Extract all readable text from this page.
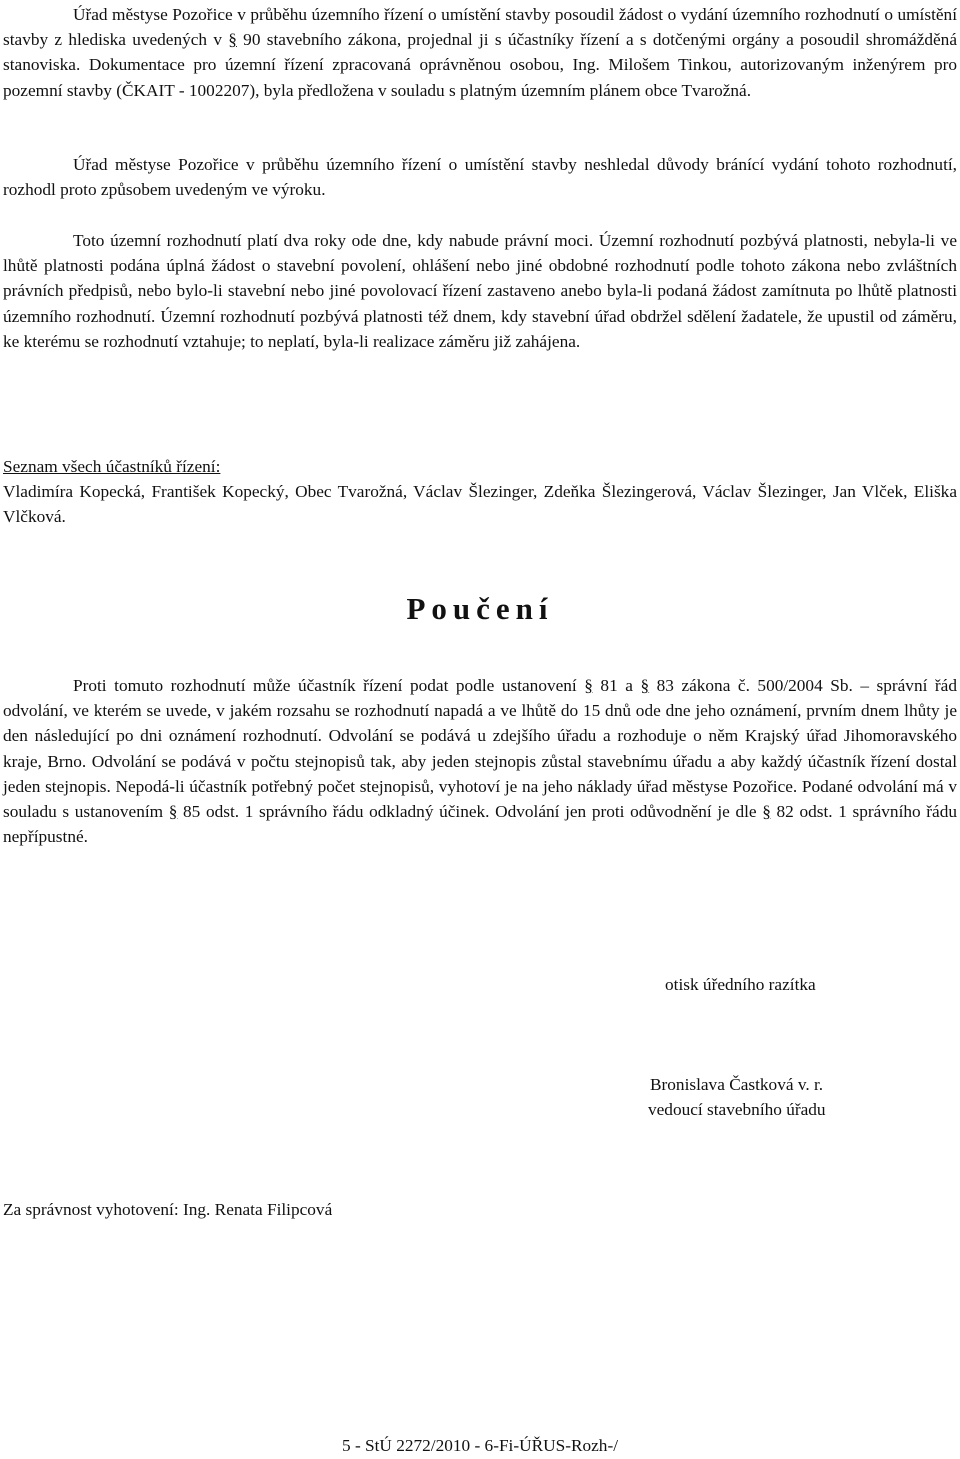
Úřad městyse Pozořice v průběhu územního řízení o umístění stavby posoudil žádost o vydání územního rozhodnutí o umístění stavby z hlediska uvedených v § 90 stavebního zákona, projednal ji s účastníky řízení a s dotčenými orgány a posoudil shromážděná stanoviska. Dokumentace pro územní řízení zpracovaná oprávněnou osobou, Ing. Milošem Tinkou, autorizovaným inženýrem pro pozemní stavby (ČKAIT - 1002207), byla předložena v souladu s platným územním plánem obce Tvarožná.

Úřad městyse Pozořice v průběhu územního řízení o umístění stavby neshledal důvody bránící vydání tohoto rozhodnutí, rozhodl proto způsobem uvedeným ve výroku.

Toto územní rozhodnutí platí dva roky ode dne, kdy nabude právní moci. Územní rozhodnutí pozbývá platnosti, nebyla-li ve lhůtě platnosti podána úplná žádost o stavební povolení, ohlášení nebo jiné obdobné rozhodnutí podle tohoto zákona nebo zvláštních právních předpisů, nebo bylo-li stavební nebo jiné povolovací řízení zastaveno anebo byla-li podaná žádost zamítnuta po lhůtě platnosti územního rozhodnutí. Územní rozhodnutí pozbývá platnosti též dnem, kdy stavební úřad obdržel sdělení žadatele, že upustil od záměru, ke kterému se rozhodnutí vztahuje; to neplatí, byla-li realizace záměru již zahájena.

Seznam všech účastníků řízení:
Vladimíra Kopecká, František Kopecký, Obec Tvarožná, Václav Šlezinger, Zdeňka Šlezingerová, Václav Šlezinger, Jan Vlček, Eliška Vlčková.

Poučení

Proti tomuto rozhodnutí může účastník řízení podat podle ustanovení § 81 a § 83 zákona č. 500/2004 Sb. – správní řád odvolání, ve kterém se uvede, v jakém rozsahu se rozhodnutí napadá a ve lhůtě do 15 dnů ode dne jeho oznámení, prvním dnem lhůty je den následující po dni oznámení rozhodnutí. Odvolání se podává u zdejšího úřadu a rozhoduje o něm Krajský úřad Jihomoravského kraje, Brno. Odvolání se podává v počtu stejnopisů tak, aby jeden stejnopis zůstal stavebnímu úřadu a aby každý účastník řízení dostal jeden stejnopis. Nepodá-li účastník potřebný počet stejnopisů, vyhotoví je na jeho náklady úřad městyse Pozořice. Podané odvolání má v souladu s ustanovením § 85 odst. 1 správního řádu odkladný účinek. Odvolání jen proti odůvodnění je dle § 82 odst. 1 správního řádu nepřípustné.

otisk úředního razítka

Bronislava Častková v. r.

vedoucí stavebního úřadu

Za správnost vyhotovení: Ing. Renata Filipcová

5 - StÚ 2272/2010 - 6-Fi-ÚŘUS-Rozh-/
